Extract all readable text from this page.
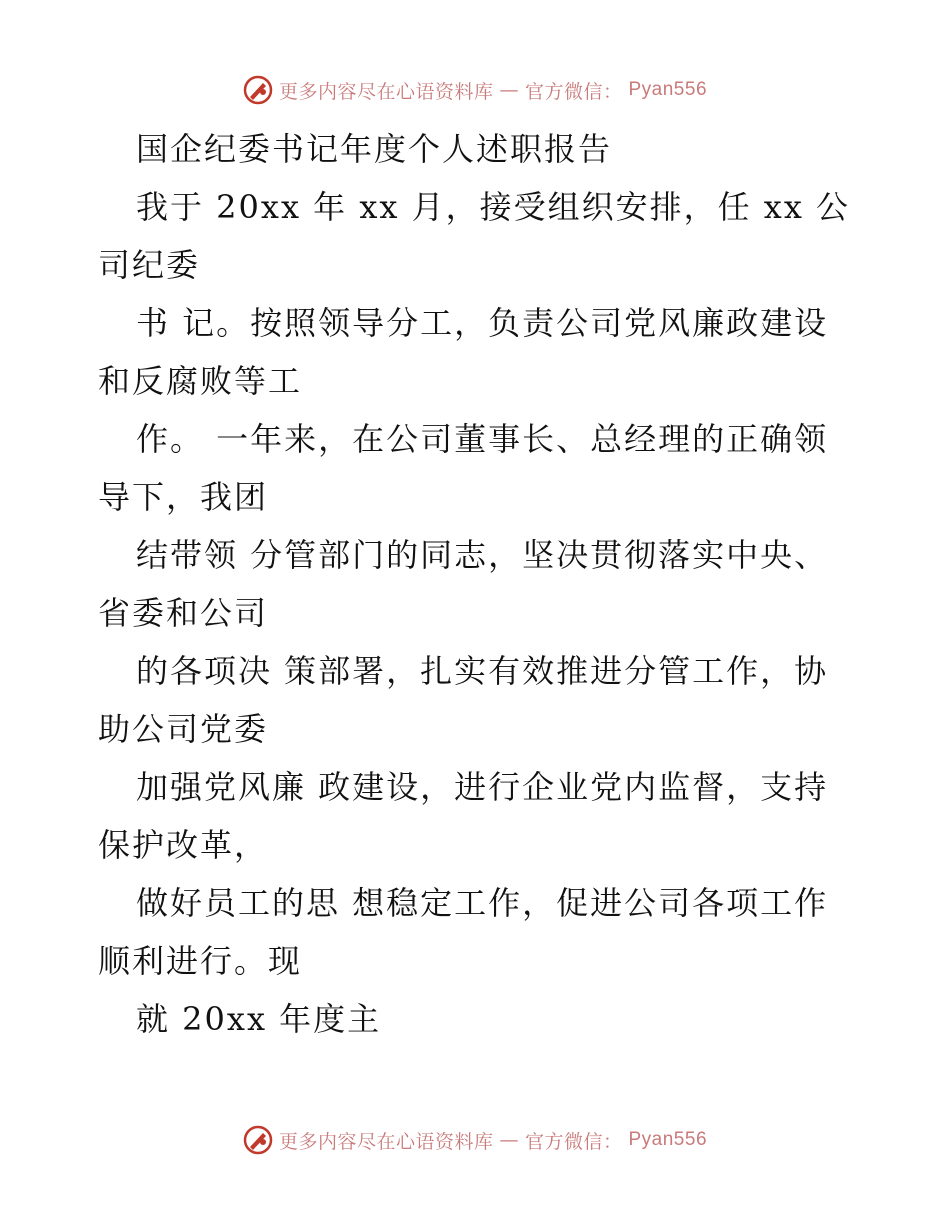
更多内容尽在心语资料库 — 官方微信： Pyan556
国企纪委书记年度个人述职报告
我于 20xx 年 xx 月，接受组织安排，任 xx 公
司纪委
书 记。按照领导分工，负责公司党风廉政建设
和反腐败等工
作。 一年来，在公司董事长、总经理的正确领
导下，我团
结带领 分管部门的同志，坚决贯彻落实中央、
省委和公司
的各项决 策部署，扎实有效推进分管工作，协
助公司党委
加强党风廉 政建设，进行企业党内监督，支持
保护改革，
做好员工的思 想稳定工作，促进公司各项工作
顺利进行。现
就 20xx 年度主
更多内容尽在心语资料库 — 官方微信： Pyan556
